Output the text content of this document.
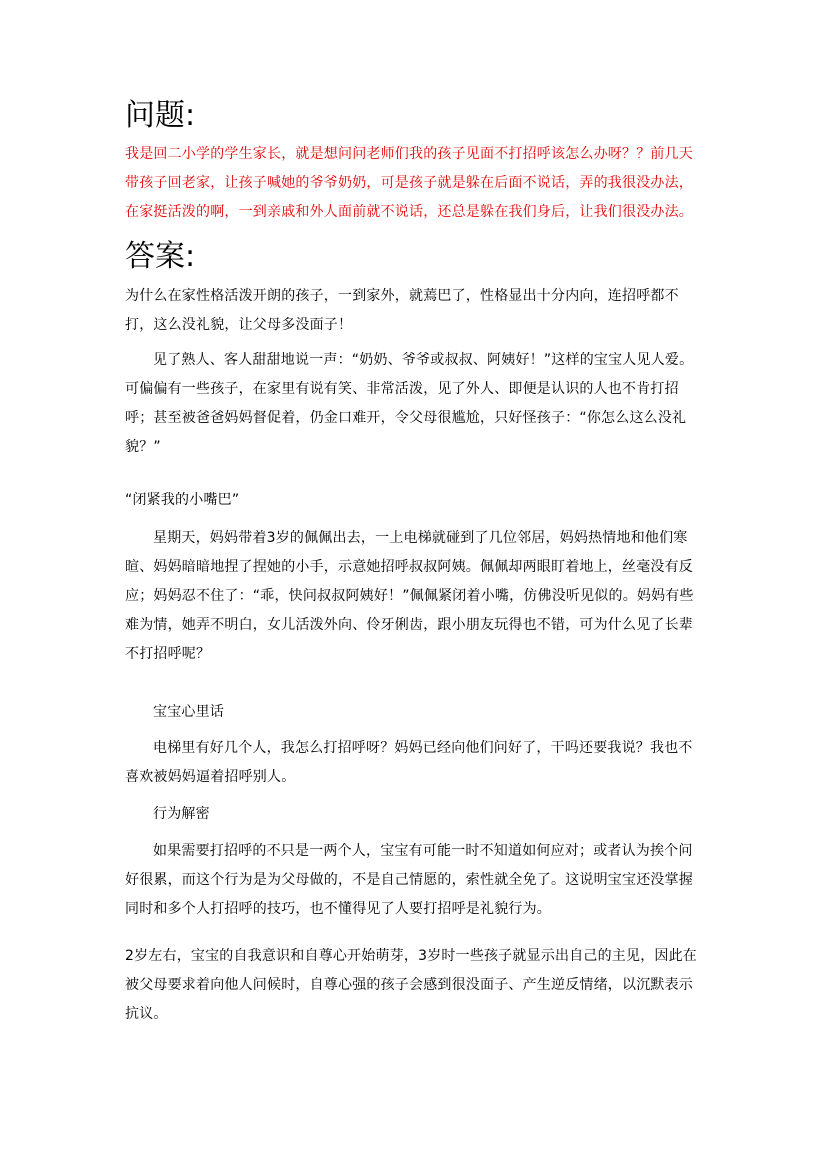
问题:

我是回二小学的学生家长，就是想问问老师们我的孩子见面不打招呼该怎么办呀？？前几天带孩子回老家，让孩子喊她的爷爷奶奶，可是孩子就是躲在后面不说话，弄的我很没办法，在家挺活泼的啊，一到亲戚和外人面前就不说话，还总是躲在我们身后，让我们很没办法。

答案:

为什么在家性格活泼开朗的孩子，一到家外，就蔫巴了，性格显出十分内向，连招呼都不打，这么没礼貌，让父母多没面子！

见了熟人、客人甜甜地说一声：“奶奶、爷爷或叔叔、阿姨好！”这样的宝宝人见人爱。可偏偏有一些孩子，在家里有说有笑、非常活泼，见了外人、即便是认识的人也不肯打招呼；甚至被爸爸妈妈督促着，仍金口难开，令父母很尴尬，只好怪孩子：“你怎么这么没礼貌？”

“闭紧我的小嘴巴”

星期天，妈妈带着3岁的佩佩出去，一上电梯就碰到了几位邻居，妈妈热情地和他们寒暄、妈妈暗暗地捏了捏她的小手，示意她招呼叔叔阿姨。佩佩却两眼盯着地上，丝毫没有反应；妈妈忍不住了：“乖，快问叔叔阿姨好！”佩佩紧闭着小嘴，仿佛没听见似的。妈妈有些难为情，她弄不明白，女儿活泼外向、伶牙俐齿，跟小朋友玩得也不错，可为什么见了长辈不打招呼呢？

宝宝心里话

电梯里有好几个人，我怎么打招呼呀？妈妈已经向他们问好了，干吗还要我说？我也不喜欢被妈妈逼着招呼别人。

行为解密

如果需要打招呼的不只是一两个人，宝宝有可能一时不知道如何应对；或者认为挨个问好很累，而这个行为是为父母做的，不是自己情愿的，索性就全免了。这说明宝宝还没掌握同时和多个人打招呼的技巧，也不懂得见了人要打招呼是礼貌行为。

2岁左右，宝宝的自我意识和自尊心开始萌芽，3岁时一些孩子就显示出自己的主见，因此在被父母要求着向他人问候时，自尊心强的孩子会感到很没面子、产生逆反情绪，以沉默表示抗议。
